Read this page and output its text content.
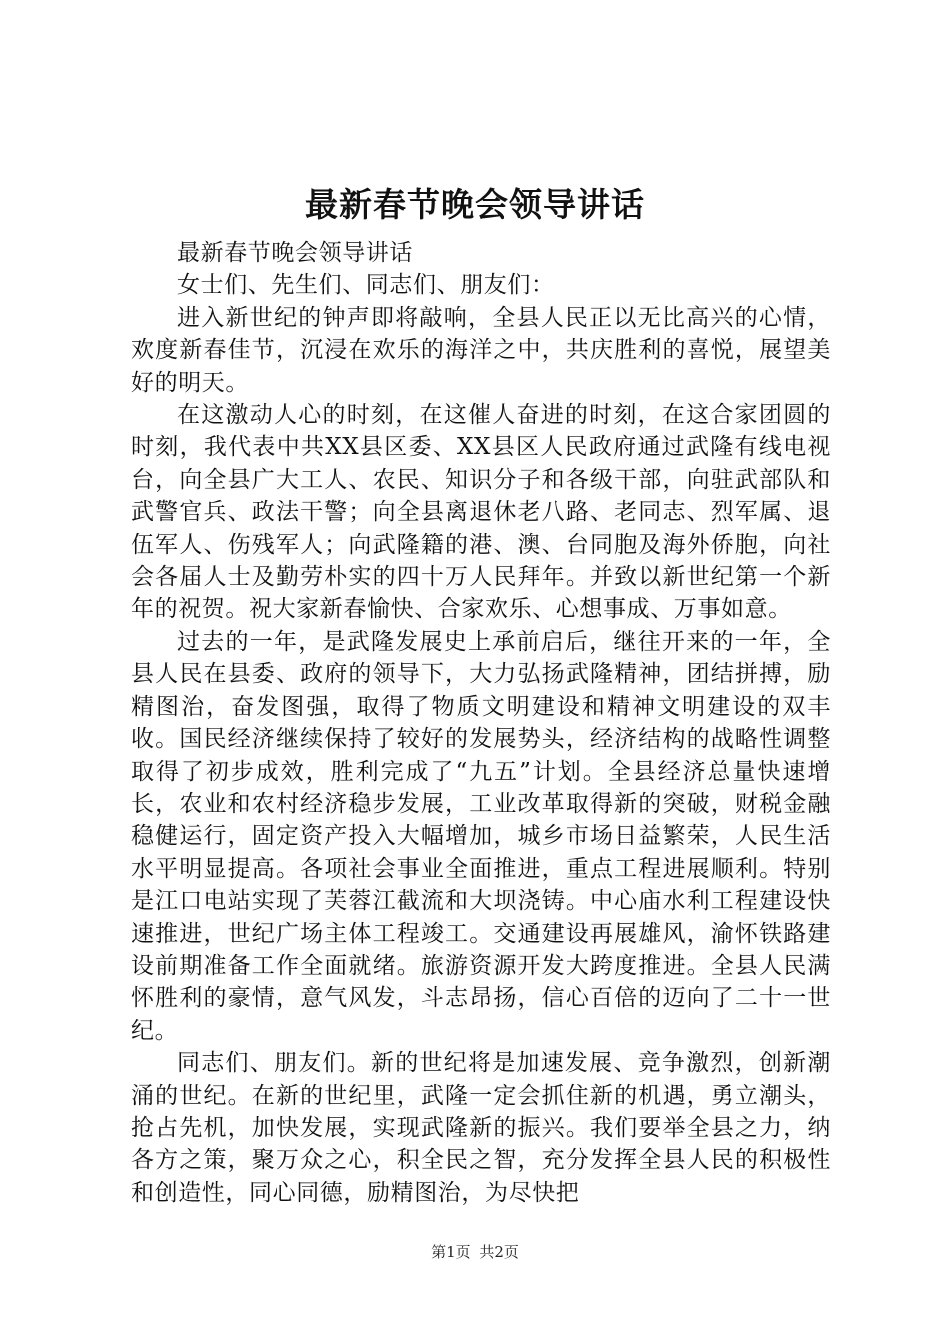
最新春节晚会领导讲话

最新春节晚会领导讲话

女士们、先生们、同志们、朋友们：

进入新世纪的钟声即将敲响，全县人民正以无比高兴的心情，欢度新春佳节，沉浸在欢乐的海洋之中，共庆胜利的喜悦，展望美好的明天。

在这激动人心的时刻，在这催人奋进的时刻，在这合家团圆的时刻，我代表中共XX县区委、XX县区人民政府通过武隆有线电视台，向全县广大工人、农民、知识分子和各级干部，向驻武部队和武警官兵、政法干警；向全县离退休老八路、老同志、烈军属、退伍军人、伤残军人；向武隆籍的港、澳、台同胞及海外侨胞，向社会各届人士及勤劳朴实的四十万人民拜年。并致以新世纪第一个新年的祝贺。祝大家新春愉快、合家欢乐、心想事成、万事如意。

过去的一年，是武隆发展史上承前启后，继往开来的一年，全县人民在县委、政府的领导下，大力弘扬武隆精神，团结拼搏，励精图治，奋发图强，取得了物质文明建设和精神文明建设的双丰收。国民经济继续保持了较好的发展势头，经济结构的战略性调整取得了初步成效，胜利完成了“九五”计划。全县经济总量快速增长，农业和农村经济稳步发展，工业改革取得新的突破，财税金融稳健运行，固定资产投入大幅增加，城乡市场日益繁荣，人民生活水平明显提高。各项社会事业全面推进，重点工程进展顺利。特别是江口电站实现了芙蓉江截流和大坝浇铸。中心庙水利工程建设快速推进，世纪广场主体工程竣工。交通建设再展雄风，渝怀铁路建设前期准备工作全面就绪。旅游资源开发大跨度推进。全县人民满怀胜利的豪情，意气风发，斗志昂扬，信心百倍的迈向了二十一世纪。

同志们、朋友们。新的世纪将是加速发展、竞争激烈，创新潮涌的世纪。在新的世纪里，武隆一定会抓住新的机遇，勇立潮头，抢占先机，加快发展，实现武隆新的振兴。我们要举全县之力，纳各方之策，聚万众之心，积全民之智，充分发挥全县人民的积极性和创造性，同心同德，励精图治，为尽快把

第1页 共2页
